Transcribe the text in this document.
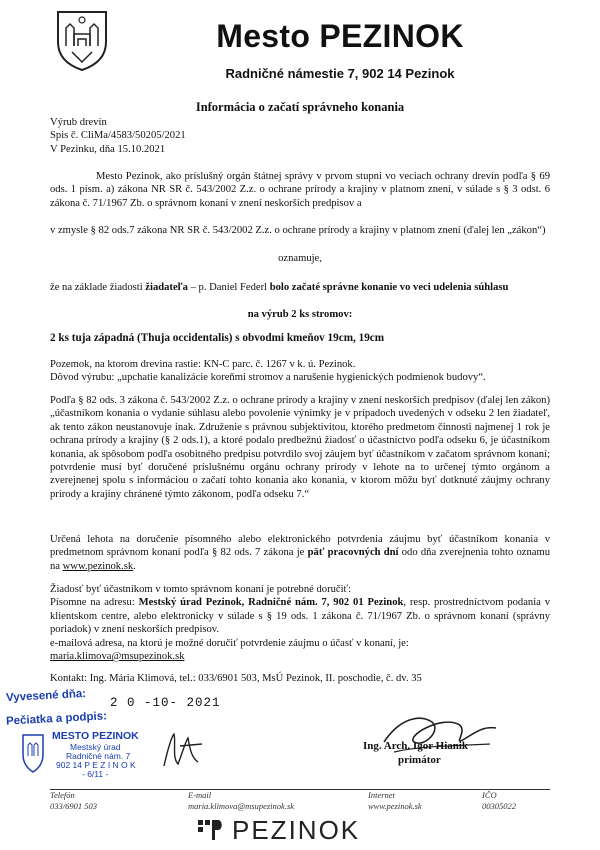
Mesto PEZINOK
Radničné námestie 7, 902 14 Pezinok
Informácia o začatí správneho konania
Výrub drevín
Spis č. CliMa/4583/50205/2021
V Pezinku, dňa 15.10.2021
Mesto Pezinok, ako príslušný orgán štátnej správy v prvom stupni vo veciach ochrany drevín podľa § 69 ods. 1 písm. a) zákona NR SR č. 543/2002 Z.z. o ochrane prírody a krajiny v platnom znení, v súlade s § 3 odst. 6 zákona č. 71/1967 Zb. o správnom konaní v znení neskorších predpisov a
v zmysle § 82 ods.7 zákona NR SR č. 543/2002 Z.z. o ochrane prírody a krajiny v platnom znení (ďalej len „zákon“)
oznamuje,
že na základe žiadosti žiadateľa – p. Daniel Federl bolo začaté správne konanie vo veci udelenia súhlasu
na výrub 2 ks stromov:
2 ks tuja západná (Thuja occidentalis) s obvodmi kmeňov 19cm, 19cm
Pozemok, na ktorom drevina rastie: KN-C parc. č. 1267 v k. ú. Pezinok.
Dôvod výrubu: „upchatie kanalizácie koreňmi stromov a narušenie hygienických podmienok budovy“.
Podľa § 82 ods. 3 zákona č. 543/2002 Z.z. o ochrane prírody a krajiny v znení neskorších predpisov (ďalej len zákon) „účastníkom konania o vydanie súhlasu alebo povolenie výnimky je v prípadoch uvedených v odseku 2 len žiadateľ, ak tento zákon neustanovuje inak. Združenie s právnou subjektivitou, ktorého predmetom činnosti najmenej 1 rok je ochrana prírody a krajiny (§ 2 ods.1), a ktoré podalo predbežnú žiadosť o účastníctvo podľa odseku 6, je účastníkom konania, ak spôsobom podľa osobitného predpisu potvrdilo svoj záujem byť účastníkom v začatom správnom konaní; potvrdenie musí byť doručené príslušnému orgánu ochrany prírody v lehote na to určenej týmto orgánom a zverejnenej spolu s informáciou o začatí tohto konania ako konania, v ktorom môžu byť dotknuté záujmy ochrany prírody a krajiny chránené týmto zákonom, podľa odseku 7.“
Určená lehota na doručenie písomného alebo elektronického potvrdenia záujmu byť účastníkom konania v predmetnom správnom konaní podľa § 82 ods. 7 zákona je päť pracovných dní odo dňa zverejnenia tohto oznamu na www.pezinok.sk.
Žiadosť byť účastníkom v tomto správnom konaní je potrebné doručiť:
Písomne na adresu: Mestský úrad Pezinok, Radničné nám. 7, 902 01 Pezinok, resp. prostredníctvom podania v klientskom centre, alebo elektronicky v súlade s § 19 ods. 1 zákona č. 71/1967 Zb. o správnom konaní (správny poriadok) v znení neskorších predpisov.
e-mailová adresa, na ktorú je možné doručiť potvrdenie záujmu o účasť v konaní, je:
maria.klimova@msupezinok.sk
Kontakt: Ing. Mária Klimová, tel.: 033/6901 503, MsÚ Pezinok, II. poschodie, č. dv. 35
Vyvesené dňa: 2 0 -10- 2021
Pečiatka a podpis:
MESTO PEZINOK
Mestský úrad
Radničné nám. 7
902 14 P E Z I N O K
- 6/11 -
Ing. Arch. Igor Hianik
primátor
Telefón
033/6901 503
E-mail
maria.klimova@msupezinok.sk
Internet
www.pezinok.sk
IČO
00305022
PEZINOK
